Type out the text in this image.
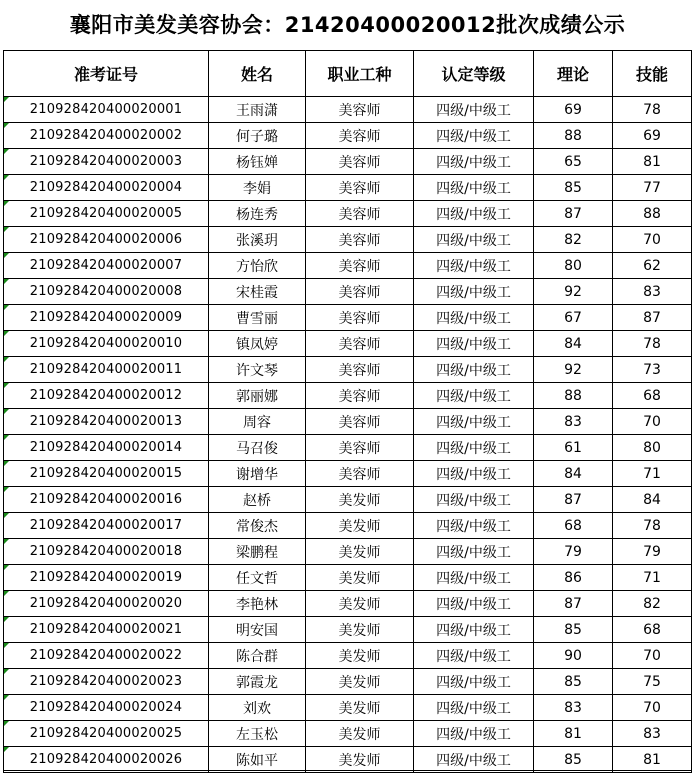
襄阳市美发美容协会：21420400020012批次成绩公示
准考证号	姓名	职业工种	认定等级	理论	技能
210928420400020001	王雨潇	美容师	四级/中级工	69	78
210928420400020002	何子璐	美容师	四级/中级工	88	69
210928420400020003	杨钰婵	美容师	四级/中级工	65	81
210928420400020004	李娟	美容师	四级/中级工	85	77
210928420400020005	杨连秀	美容师	四级/中级工	87	88
210928420400020006	张溪玥	美容师	四级/中级工	82	70
210928420400020007	方怡欣	美容师	四级/中级工	80	62
210928420400020008	宋桂霞	美容师	四级/中级工	92	83
210928420400020009	曹雪丽	美容师	四级/中级工	67	87
210928420400020010	镇凤婷	美容师	四级/中级工	84	78
210928420400020011	许文琴	美容师	四级/中级工	92	73
210928420400020012	郭丽娜	美容师	四级/中级工	88	68
210928420400020013	周容	美容师	四级/中级工	83	70
210928420400020014	马召俊	美容师	四级/中级工	61	80
210928420400020015	谢增华	美容师	四级/中级工	84	71
210928420400020016	赵桥	美发师	四级/中级工	87	84
210928420400020017	常俊杰	美发师	四级/中级工	68	78
210928420400020018	梁鹏程	美发师	四级/中级工	79	79
210928420400020019	任文哲	美发师	四级/中级工	86	71
210928420400020020	李艳林	美发师	四级/中级工	87	82
210928420400020021	明安国	美发师	四级/中级工	85	68
210928420400020022	陈合群	美发师	四级/中级工	90	70
210928420400020023	郭霞龙	美发师	四级/中级工	85	75
210928420400020024	刘欢	美发师	四级/中级工	83	70
210928420400020025	左玉松	美发师	四级/中级工	81	83
210928420400020026	陈如平	美发师	四级/中级工	85	81
